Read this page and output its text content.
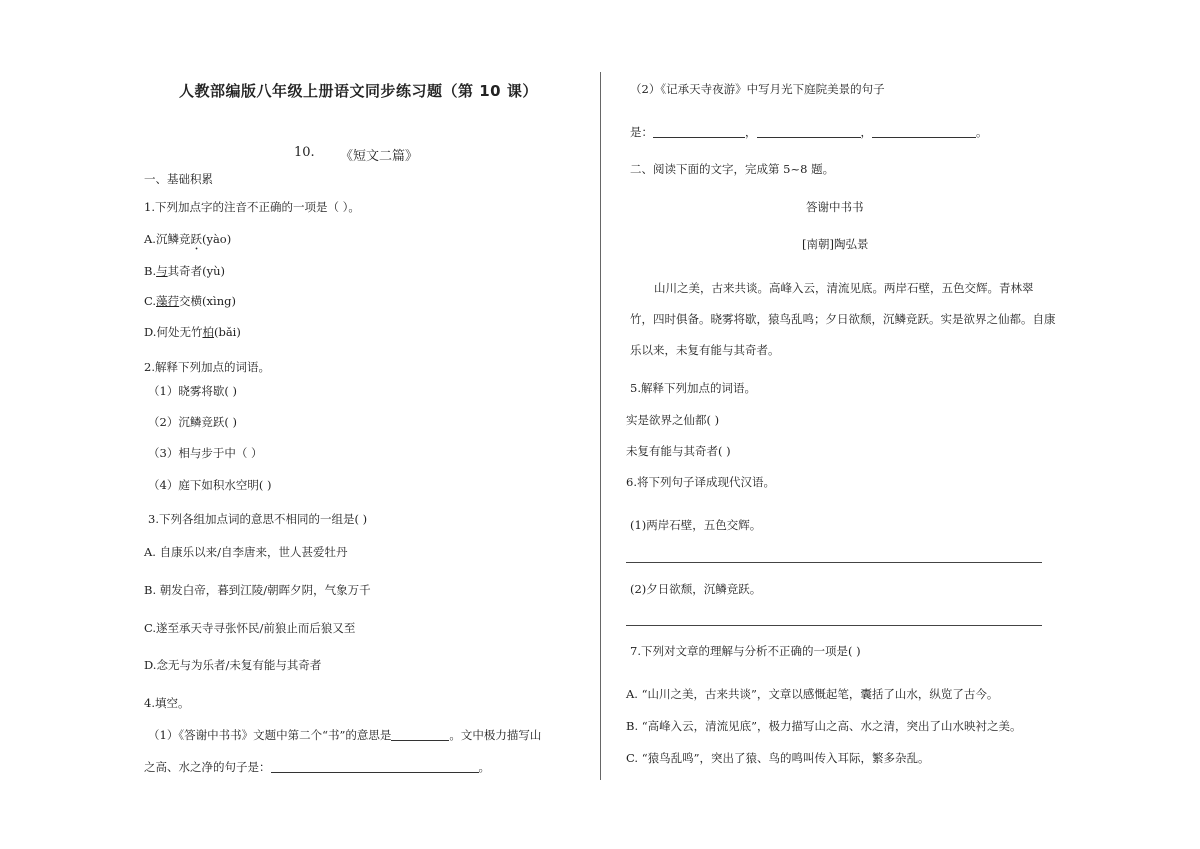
人教部编版八年级上册语文同步练习题（第 10 课）
10. 《短文二篇》
一、基础积累
1.下列加点字的注音不正确的一项是（ ）。
A.沉鳞竞跃(yào)
B.与其奇者(yù)
C.藻荇交横(xìng)
D.何处无竹柏(bǎi)
2.解释下列加点的词语。
（1）晓雾将歇( )
（2）沉鳞竞跃( )
（3）相与步于中（ ）
（4）庭下如积水空明( )
3.下列各组加点词的意思不相同的一组是( )
A. 自康乐以来/自李唐来，世人甚爱牡丹
B. 朝发白帝，暮到江陵/朝晖夕阴，气象万千
C.遂至承天寺寻张怀民/前狼止而后狼又至
D.念无与为乐者/未复有能与其奇者
4.填空。
（1）《答谢中书书》文题中第二个“书”的意思是	。文中极力描写山
之高、水之净的句子是：	。
（2）《记承天寺夜游》中写月光下庭院美景的句子
是：	，	，	。
二、阅读下面的文字，完成第 5~8 题。
答谢中书书
[南朝]陶弘景
山川之美，古来共谈。高峰入云，清流见底。两岸石壁，五色交辉。青林翠
竹，四时俱备。晓雾将歇，猿鸟乱鸣；夕日欲颓，沉鳞竞跃。实是欲界之仙都。自康
乐以来，未复有能与其奇者。
5.解释下列加点的词语。
实是欲界之仙都( )
未复有能与其奇者( )
6.将下列句子译成现代汉语。
(1)两岸石壁，五色交辉。
(2)夕日欲颓，沉鳞竞跃。
7.下列对文章的理解与分析不正确的一项是( )
A. “山川之美，古来共谈”，文章以感慨起笔，囊括了山水，纵览了古今。
B. “高峰入云，清流见底”，极力描写山之高、水之清，突出了山水映衬之美。
C. “猿鸟乱鸣”，突出了猿、鸟的鸣叫传入耳际，繁多杂乱。
